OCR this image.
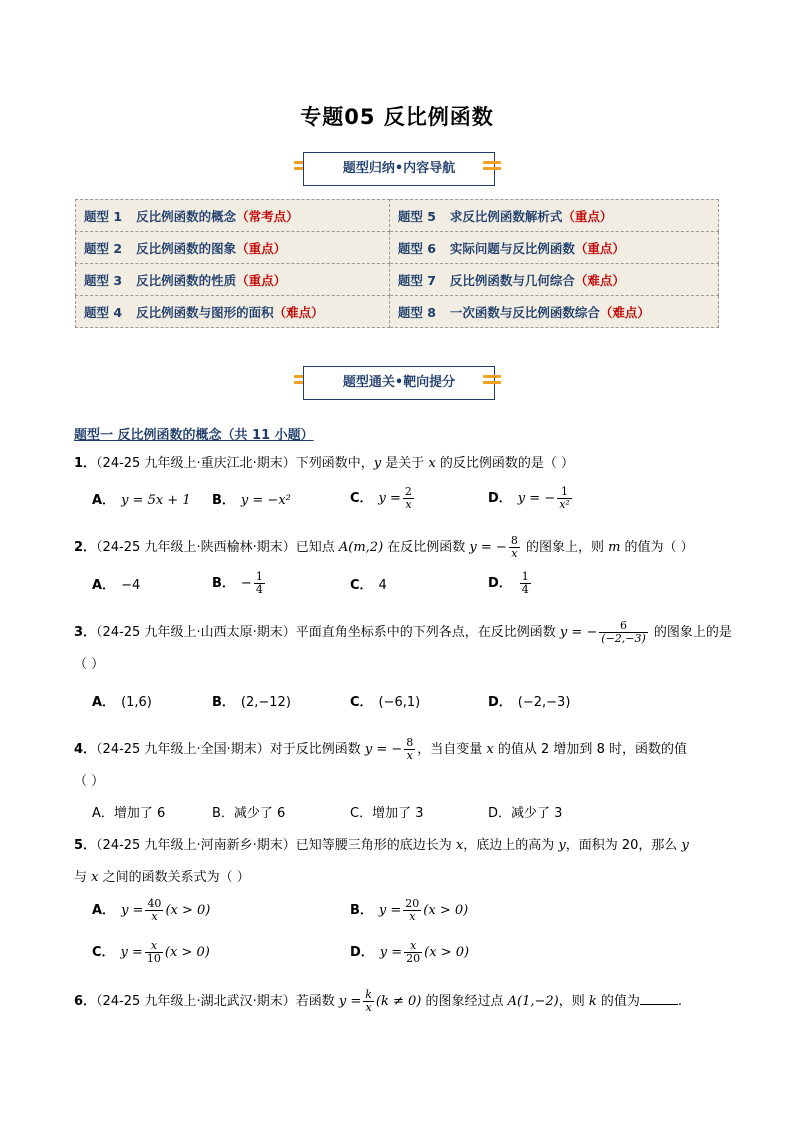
专题05 反比例函数
题型归纳•内容导航
题型 1 反比例函数的概念（常考点）	题型 5 求反比例函数解析式（重点）
题型 2 反比例函数的图象（重点）	题型 6 实际问题与反比例函数（重点）
题型 3 反比例函数的性质（重点）	题型 7 反比例函数与几何综合（难点）
题型 4 反比例函数与图形的面积（难点）	题型 8 一次函数与反比例函数综合（难点）
题型通关•靶向提分
题型一 反比例函数的概念（共 11 小题）
1．（24-25 九年级上·重庆江北·期末）下列函数中，y 是关于 x 的反比例函数的是（ ）
A． y = 5x + 1 B． y = −x²	C． $y = \frac{2}{x}$	D． y = − $\frac{1}{\text{x²}}$
2．（24-25 九年级上·陕西榆林·期末）已知点 A(m,2) 在反比例函数 y = − $\frac{8}{x}$ 的图象上，则 m 的值为（ ）
A． −4	B． − $\frac{1}{4}$	C． 4	D． $\frac{1}{4}$
3．（24-25 九年级上·山西太原·期末）平面直角坐标系中的下列各点，在反比例函数 y = − $\frac{6}{(-2,-3)}$ 的图象上的是
（ ）
A． (1,6)	B． (2,−12)	C． (−6,1)	D． (−2,−3)
4．（24-25 九年级上·全国·期末）对于反比例函数 y = − $\frac{8}{x}$ ，当自变量 x 的值从 2 增加到 8 时，函数的值
（ ）
A．增加了 6	B．减少了 6	C．增加了 3	D．减少了 3
5．（24-25 九年级上·河南新乡·期末）已知等腰三角形的底边长为 x，底边上的高为 y，面积为 20，那么 y
与 x 之间的函数关系式为（ ）
A． $y = \frac{40}{x} (x > 0)$	B． $y = \frac{20}{x} (x > 0)$
C． $y = \frac{x}{10} (x > 0)$	D． $y = \frac{x}{20} (x > 0)$
6．（24-25 九年级上·湖北武汉·期末）若函数 $y = \frac{k}{x} (k \ne 0)$ 的图象经过点 A(1,−2)，则 k 的值为	.
